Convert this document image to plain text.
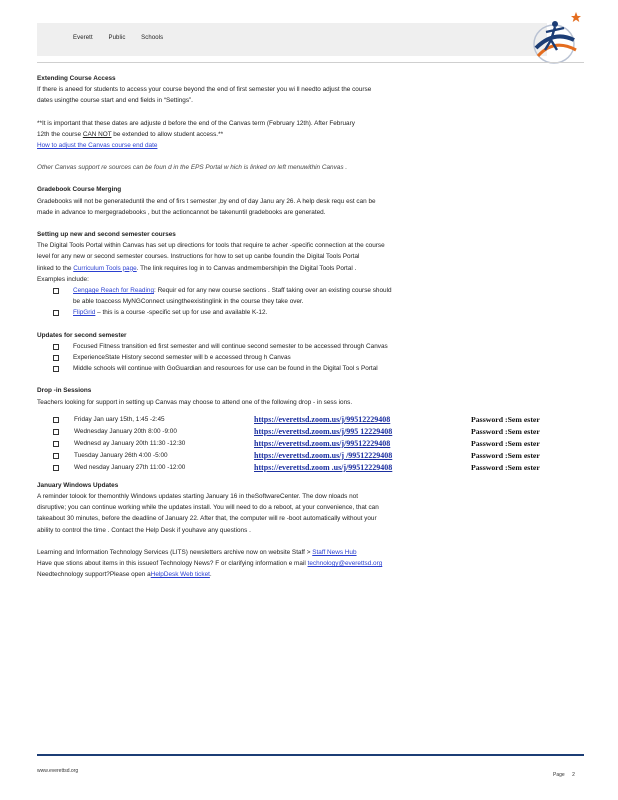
Everett Public Schools

Extending Course Access

If there is aneed for students to access your course beyond the end of first semester you wi ll needto adjust the course

dates usingthe course start and end fields in “Settings”.

**It is important that these dates are adjuste d before the end of the Canvas term (February 12th). After February

12th the course CAN NOT be extended to allow student access.**

How to adjust the Canvas course end date

Other Canvas support re sources can be foun d in the EPS Portal w hich is linked on left menuwithin Canvas .

Gradebook Course Merging

Gradebooks will not be generateduntil the end of firs t semester ,by end of day Janu ary 26. A help desk requ est can be

made in advance to mergegradebooks , but the actioncannot be takenuntil gradebooks are generated.

Setting up new and second semester courses

The Digital Tools Portal within Canvas has set up directions for tools that require te acher -specific connection at the course

level for any new or second semester courses. Instructions for how to set up canbe foundin the Digital Tools Portal

linked to the Curriculum Tools page. The link requires log in to Canvas andmembershipin the Digital Tools Portal .

Examples include:

Cengage Reach for Reading: Requir ed for any new course sections . Staff taking over an existing course should

be able toaccess MyNGConnect usingtheexistinglink in the course they take over.

FlipGrid – this is a course -specific set up for use and available K-12.

Updates for second semester

Focused Fitness transition ed first semester and will continue second semester to be accessed through Canvas

ExperienceState History second semester will b e accessed throug h Canvas

Middle schools will continue with GoGuardian and resources for use can be found in the Digital Tool s Portal

Drop -in Sessions

Teachers looking for support in setting up Canvas may choose to attend one of the following drop - in sess ions.

Friday Jan uary 15th, 1:45 -2:45	https://everettsd.zoom.us/j/99512229408	Password :Sem ester
Wednesday January 20th 8:00 -9:00	https://everettsd.zoom.us/j/995 12229408	Password :Sem ester
Wednesd ay January 20th 11:30 -12:30	https://everettsd.zoom.us/j/99512229408	Password :Sem ester
Tuesday January 26th 4:00 -5:00	https://everettsd.zoom.us/j /99512229408	Password :Sem ester
Wed nesday January 27th 11:00 -12:00	https://everettsd.zoom .us/j/99512229408	Password :Sem ester

January Windows Updates

A reminder tolook for themonthly Windows updates starting January 16 in theSoftwareCenter. The dow nloads not

disruptive; you can continue working while the updates install. You will need to do a reboot, at your convenience, that can

takeabout 30 minutes, before the deadline of January 22. After that, the computer will re -boot automatically without your

ability to control the time . Contact the Help Desk if youhave any questions .

Learning and Information Technology Services (LITS) newsletters archive now on website Staff > Staff News Hub

Have que stions about items in this issueof Technology News? F or clarifying information e mail technology@everettsd.org

Needtechnology support?Please open aHelpDesk Web ticket.

www.everettsd.org
Page 2
